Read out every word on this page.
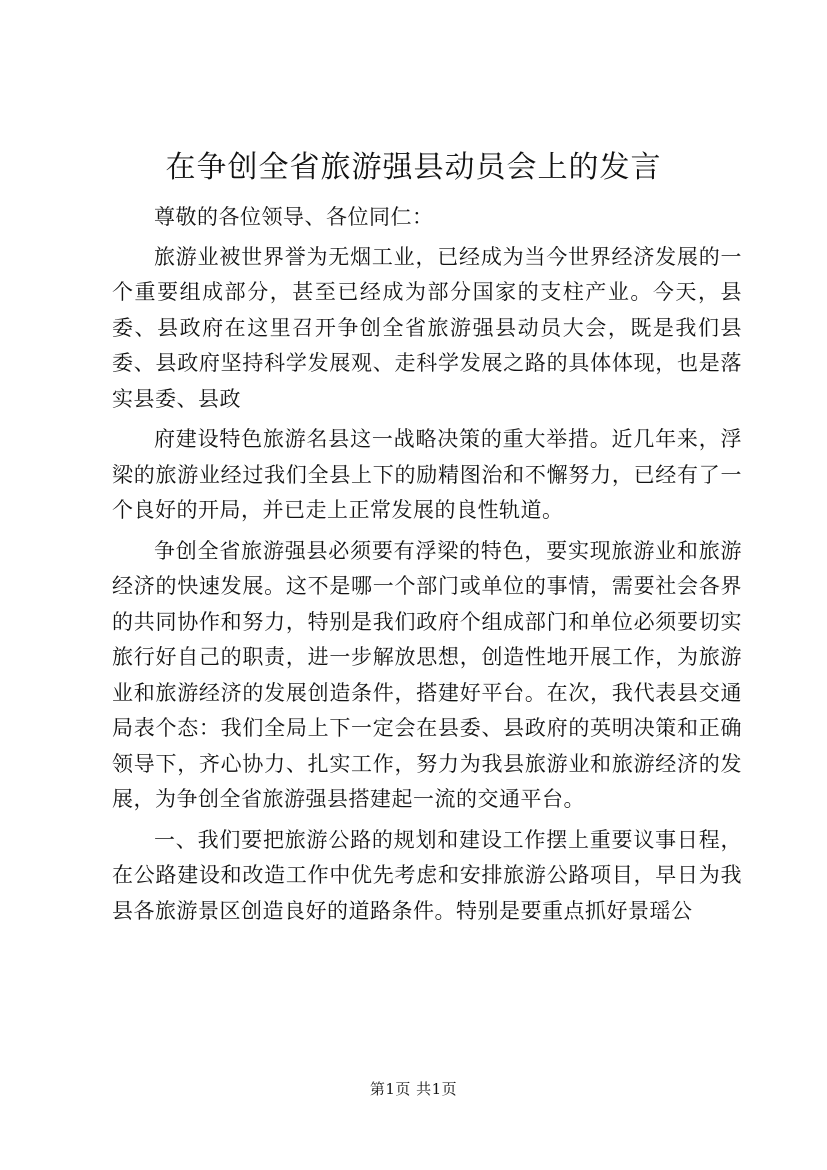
在争创全省旅游强县动员会上的发言

尊敬的各位领导、各位同仁：

旅游业被世界誉为无烟工业，已经成为当今世界经济发展的一个重要组成部分，甚至已经成为部分国家的支柱产业。今天，县委、县政府在这里召开争创全省旅游强县动员大会，既是我们县委、县政府坚持科学发展观、走科学发展之路的具体体现，也是落实县委、县政

府建设特色旅游名县这一战略决策的重大举措。近几年来，浮梁的旅游业经过我们全县上下的励精图治和不懈努力，已经有了一个良好的开局，并已走上正常发展的良性轨道。

争创全省旅游强县必须要有浮梁的特色，要实现旅游业和旅游经济的快速发展。这不是哪一个部门或单位的事情，需要社会各界的共同协作和努力，特别是我们政府个组成部门和单位必须要切实旅行好自己的职责，进一步解放思想，创造性地开展工作，为旅游业和旅游经济的发展创造条件，搭建好平台。在次，我代表县交通局表个态：我们全局上下一定会在县委、县政府的英明决策和正确领导下，齐心协力、扎实工作，努力为我县旅游业和旅游经济的发展，为争创全省旅游强县搭建起一流的交通平台。

一、我们要把旅游公路的规划和建设工作摆上重要议事日程，在公路建设和改造工作中优先考虑和安排旅游公路项目，早日为我县各旅游景区创造良好的道路条件。特别是要重点抓好景瑶公

第1页 共1页
